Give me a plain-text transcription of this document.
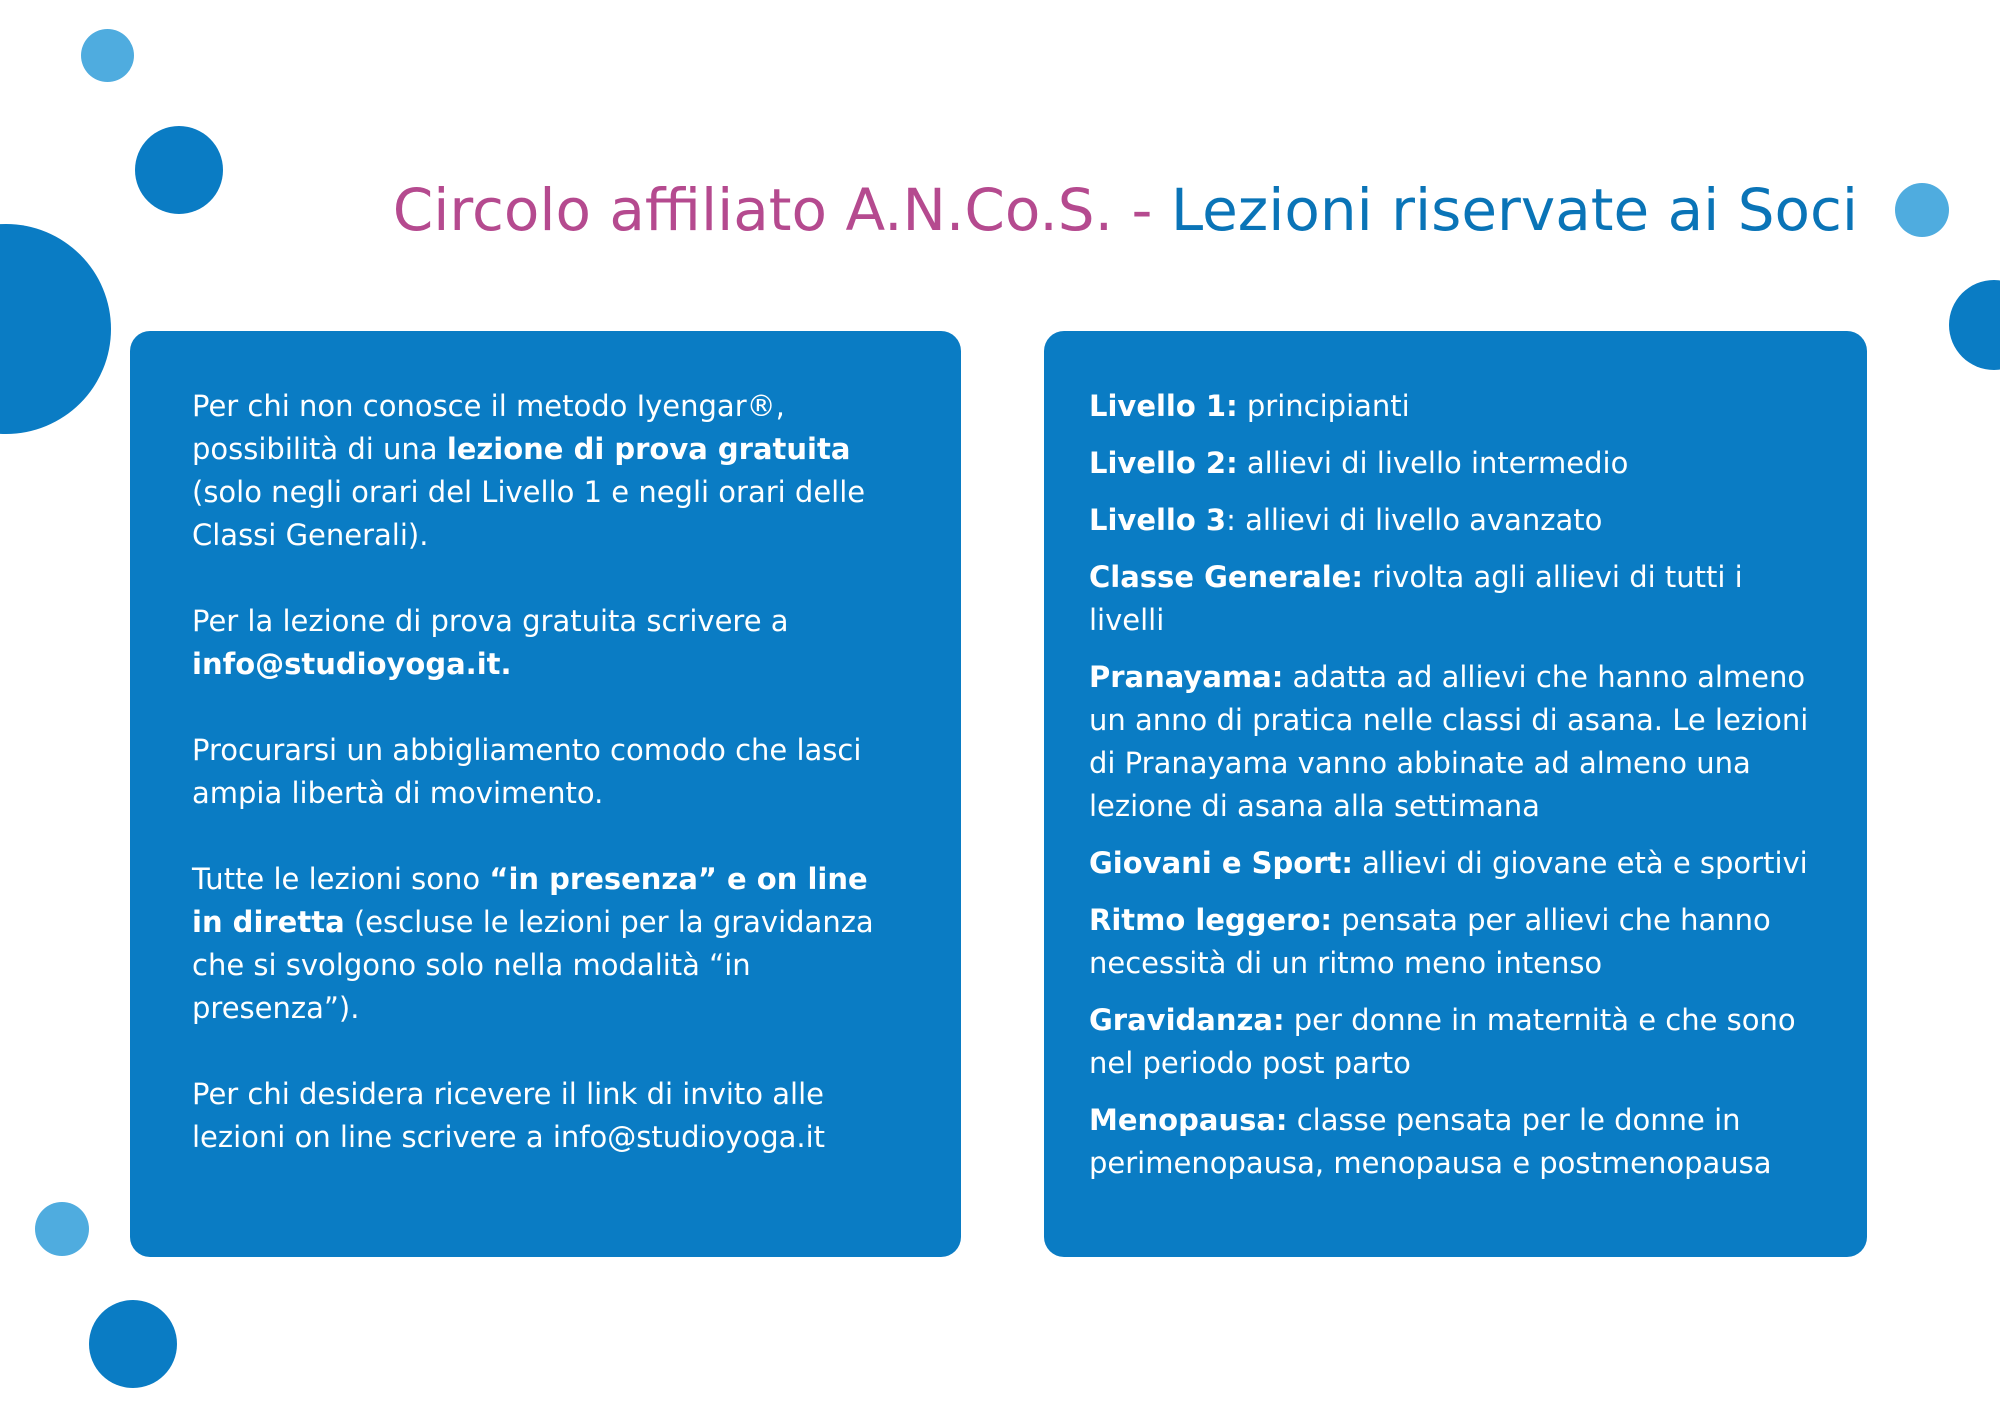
Circolo affiliato A.N.Co.S. - Lezioni riservate ai Soci

Per chi non conosce il metodo Iyengar®, possibilità di una lezione di prova gratuita (solo negli orari del Livello 1 e negli orari delle Classi Generali).

Per la lezione di prova gratuita scrivere a info@studioyoga.it.

Procurarsi un abbigliamento comodo che lasci ampia libertà di movimento.

Tutte le lezioni sono “in presenza” e on line in diretta (escluse le lezioni per la gravidanza che si svolgono solo nella modalità “in presenza”).

Per chi desidera ricevere il link di invito alle lezioni on line scrivere a info@studioyoga.it

Livello 1: principianti
Livello 2: allievi di livello intermedio
Livello 3: allievi di livello avanzato
Classe Generale: rivolta agli allievi di tutti i livelli
Pranayama: adatta ad allievi che hanno almeno un anno di pratica nelle classi di asana. Le lezioni di Pranayama vanno abbinate ad almeno una lezione di asana alla settimana
Giovani e Sport: allievi di giovane età e sportivi
Ritmo leggero: pensata per allievi che hanno necessità di un ritmo meno intenso
Gravidanza: per donne in maternità e che sono nel periodo post parto
Menopausa: classe pensata per le donne in perimenopausa, menopausa e postmenopausa
